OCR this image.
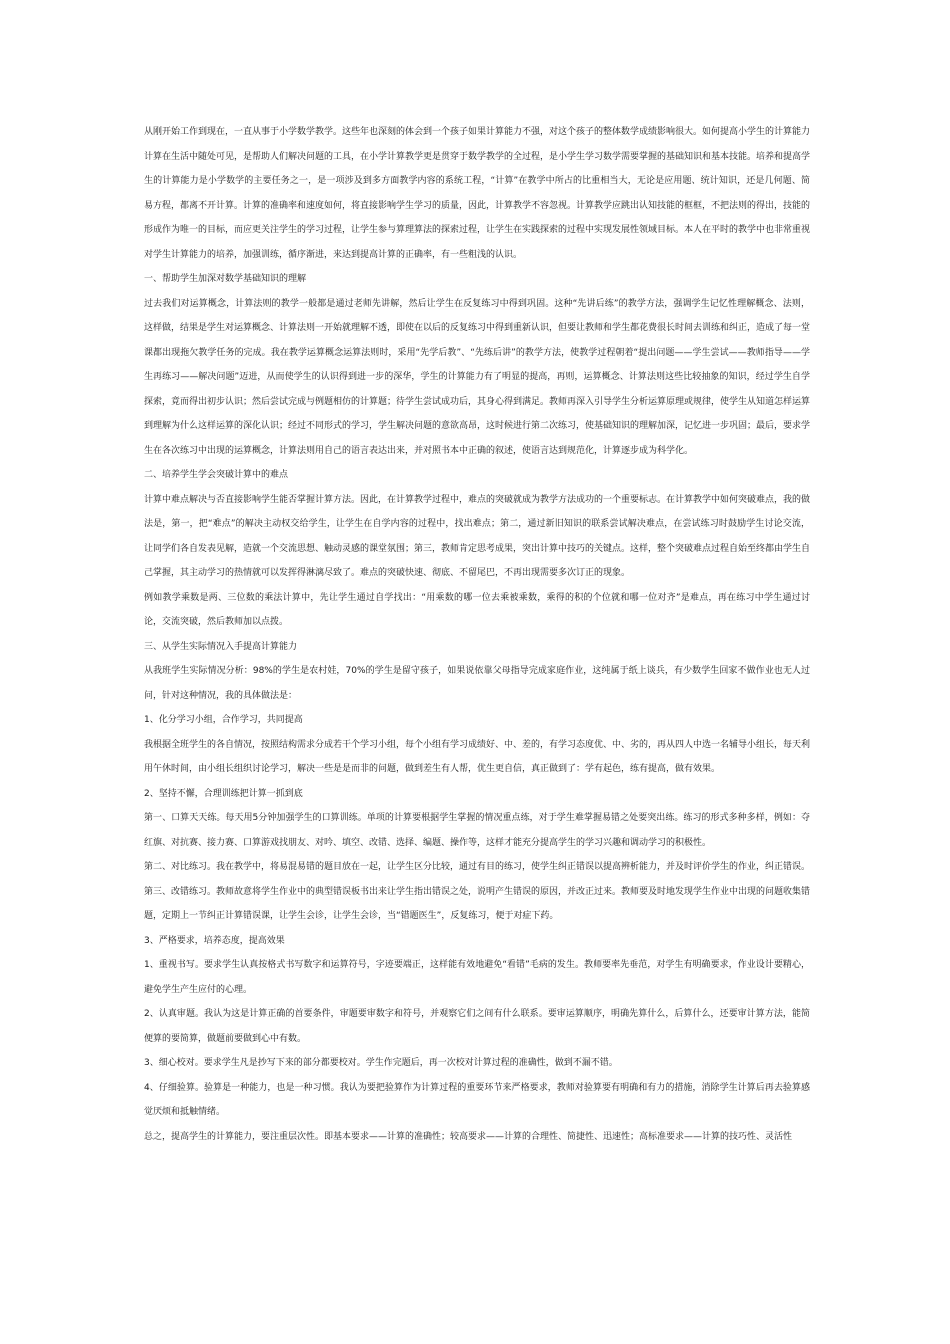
从刚开始工作到现在，一直从事于小学数学教学。这些年也深刻的体会到一个孩子如果计算能力不强，对这个孩子的整体数学成绩影响很大。如何提高小学生的计算能力计算在生活中随处可见，是帮助人们解决问题的工具，在小学计算教学更是贯穿于数学教学的全过程，是小学生学习数学需要掌握的基础知识和基本技能。培养和提高学生的计算能力是小学数学的主要任务之一，是一项涉及到多方面教学内容的系统工程，“计算”在教学中所占的比重相当大，无论是应用题、统计知识，还是几何题、简易方程，都离不开计算。计算的准确率和速度如何，将直接影响学生学习的质量，因此，计算教学不容忽视。计算教学应跳出认知技能的框框，不把法则的得出，技能的形成作为唯一的目标，而应更关注学生的学习过程，让学生参与算理算法的探索过程，让学生在实践探索的过程中实现发展性领域目标。本人在平时的教学中也非常重视对学生计算能力的培养，加强训练，循序渐进，来达到提高计算的正确率，有一些粗浅的认识。

一、帮助学生加深对数学基础知识的理解

过去我们对运算概念，计算法则的教学一般都是通过老师先讲解，然后让学生在反复练习中得到巩固。这种“先讲后练”的教学方法，强调学生记忆性理解概念、法则，这样做，结果是学生对运算概念、计算法则一开始就理解不透，即使在以后的反复练习中得到重新认识，但要让教师和学生都花费很长时间去训练和纠正，造成了每一堂课都出现拖欠教学任务的完成。我在教学运算概念运算法则时，采用“先学后教”、“先练后讲”的教学方法，使教学过程朝着“提出问题——学生尝试——教师指导——学生再练习——解决问题”迈进，从而使学生的认识得到进一步的深华，学生的计算能力有了明显的提高，再则，运算概念、计算法则这些比较抽象的知识，经过学生自学探索，竟而得出初步认识；然后尝试完成与例题相仿的计算题；待学生尝试成功后，其身心得到满足。教师再深入引导学生分析运算原理或规律，使学生从知道怎样运算到理解为什么这样运算的深化认识；经过不同形式的学习，学生解决问题的意欲高昂，这时候进行第二次练习，使基础知识的理解加深，记忆进一步巩固；最后，要求学生在各次练习中出现的运算概念，计算法则用自己的语言表达出来，并对照书本中正确的叙述，使语言达到规范化，计算逐步成为科学化。

二、培养学生学会突破计算中的难点

计算中难点解决与否直接影响学生能否掌握计算方法。因此，在计算教学过程中，难点的突破就成为教学方法成功的一个重要标志。在计算教学中如何突破难点，我的做法是，第一，把“难点”的解决主动权交给学生，让学生在自学内容的过程中，找出难点；第二，通过新旧知识的联系尝试解决难点，在尝试练习时鼓励学生讨论交流，让同学们各自发表见解，造就一个交流思想、触动灵感的课堂氛围；第三，教师肯定思考成果，突出计算中技巧的关键点。这样，整个突破难点过程自始至终都由学生自己掌握，其主动学习的热情就可以发挥得淋漓尽致了。难点的突破快速、彻底、不留尾巴，不再出现需要多次订正的现象。

例如教学乘数是两、三位数的乘法计算中，先让学生通过自学找出：“用乘数的哪一位去乘被乘数，乘得的积的个位就和哪一位对齐”是难点，再在练习中学生通过讨论，交流突破，然后教师加以点拨。

三、从学生实际情况入手提高计算能力

从我班学生实际情况分析：98%的学生是农村娃，70%的学生是留守孩子，如果说依靠父母指导完成家庭作业，这纯属于纸上谈兵，有少数学生回家不做作业也无人过问，针对这种情况，我的具体做法是：

1、化分学习小组，合作学习，共同提高

我根据全班学生的各自情况，按照结构需求分成若干个学习小组，每个小组有学习成绩好、中、差的，有学习态度优、中、劣的，再从四人中选一名辅导小组长，每天利用午休时间，由小组长组织讨论学习，解决一些是是而非的问题，做到差生有人帮，优生更自信，真正做到了：学有起色，练有提高，做有效果。

2、坚持不懈，合理训练把计算一抓到底

第一、口算天天练。每天用5分钟加强学生的口算训练。单项的计算要根据学生掌握的情况重点练，对于学生难掌握易错之处要突出练。练习的形式多种多样，例如：夺红旗、对抗赛、接力赛、口算游戏找朋友、对吟、填空、改错、选择、编题、操作等，这样才能充分提高学生的学习兴趣和调动学习的积极性。

第二、对比练习。我在教学中，将易混易错的题目放在一起，让学生区分比较，通过有目的练习，使学生纠正错误以提高辨析能力，并及时评价学生的作业，纠正错误。

第三、改错练习。教师故意将学生作业中的典型错误板书出来让学生指出错误之处，说明产生错误的原因，并改正过来。教师要及时地发现学生作业中出现的问题收集错题，定期上一节纠正计算错误课，让学生会诊，让学生会诊，当“错题医生”，反复练习，便于对症下药。

3、严格要求，培养态度，提高效果

1、重视书写。要求学生认真按格式书写数字和运算符号，字迹要端正，这样能有效地避免“看错”毛病的发生。教师要率先垂范，对学生有明确要求，作业设计要精心，避免学生产生应付的心理。

2、认真审题。我认为这是计算正确的首要条件，审题要审数字和符号，并观察它们之间有什么联系。要审运算顺序，明确先算什么，后算什么，还要审计算方法，能简便算的要简算，做题前要做到心中有数。

3、细心校对。要求学生凡是抄写下来的部分都要校对。学生作完题后，再一次校对计算过程的准确性，做到不漏不错。

4、仔细验算。验算是一种能力，也是一种习惯。我认为要把验算作为计算过程的重要环节来严格要求，教师对验算要有明确和有力的措施，消除学生计算后再去验算感觉厌烦和抵触情绪。

总之，提高学生的计算能力，要注重层次性。即基本要求——计算的准确性；较高要求——计算的合理性、简捷性、迅速性；高标准要求——计算的技巧性、灵活性
